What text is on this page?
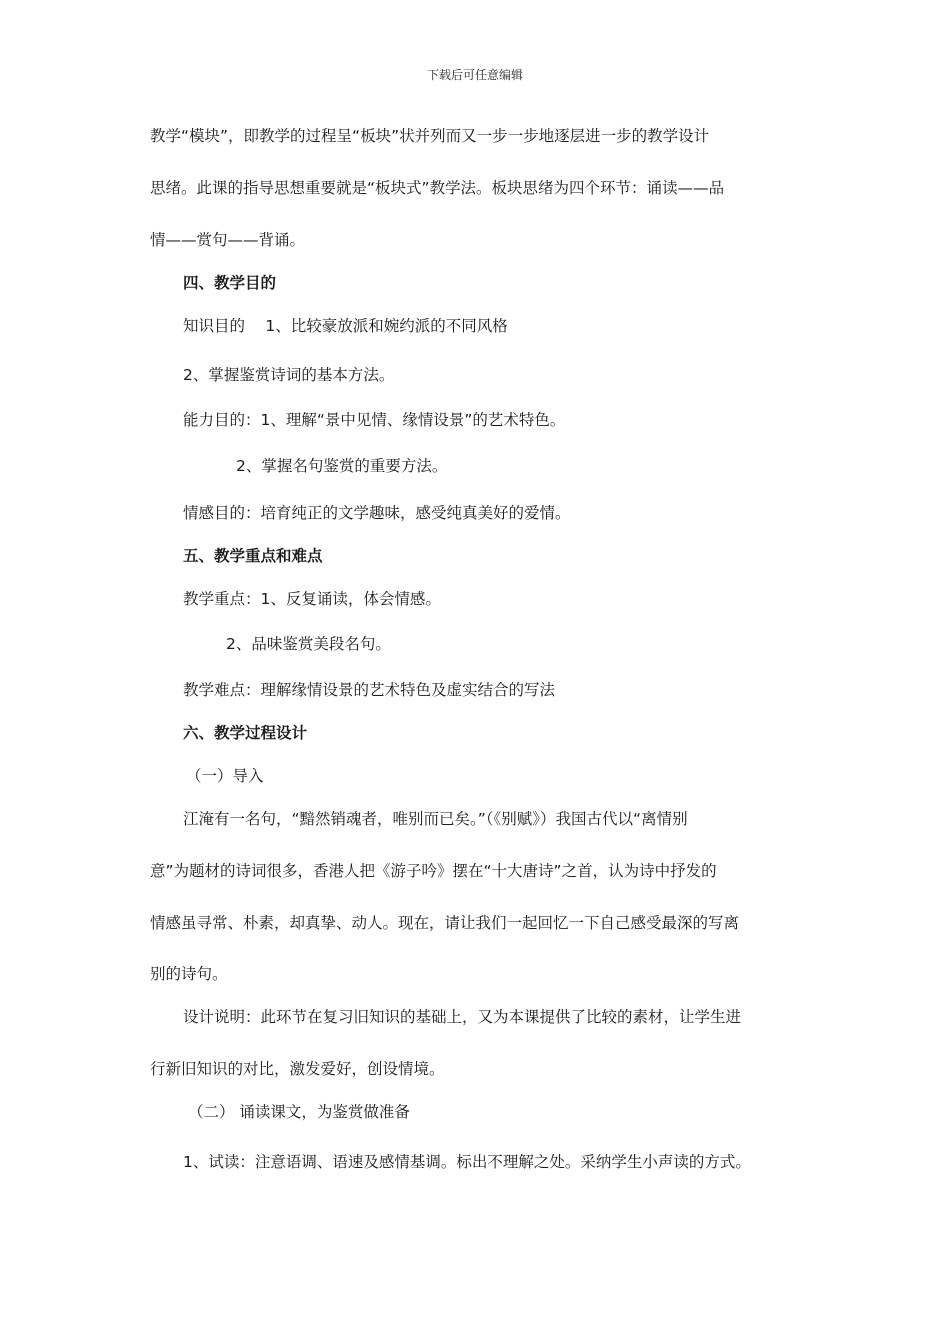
下载后可任意编辑
教学“模块”，即教学的过程呈“板块”状并列而又一步一步地逐层进一步的教学设计
思绪。此课的指导思想重要就是“板块式”教学法。板块思绪为四个环节：诵读——品
情——赏句——背诵。
四、教学目的
知识目的　 1、比较豪放派和婉约派的不同风格
2、掌握鉴赏诗词的基本方法。
能力目的：1、理解“景中见情、缘情设景”的艺术特色。
2、掌握名句鉴赏的重要方法。
情感目的：培育纯正的文学趣味，感受纯真美好的爱情。
五、教学重点和难点
教学重点：1、反复诵读，体会情感。
2、品味鉴赏美段名句。
教学难点：理解缘情设景的艺术特色及虚实结合的写法
六、教学过程设计
（一）导入
江淹有一名句，“黯然销魂者，唯别而已矣。”（《别赋》）我国古代以“离情别
意”为题材的诗词很多，香港人把《游子吟》摆在“十大唐诗”之首，认为诗中抒发的
情感虽寻常、朴素，却真挚、动人。现在，请让我们一起回忆一下自己感受最深的写离
别的诗句。
设计说明：此环节在复习旧知识的基础上，又为本课提供了比较的素材，让学生进
行新旧知识的对比，激发爱好，创设情境。
（二） 诵读课文，为鉴赏做准备
1、试读：注意语调、语速及感情基调。标出不理解之处。采纳学生小声读的方式。
